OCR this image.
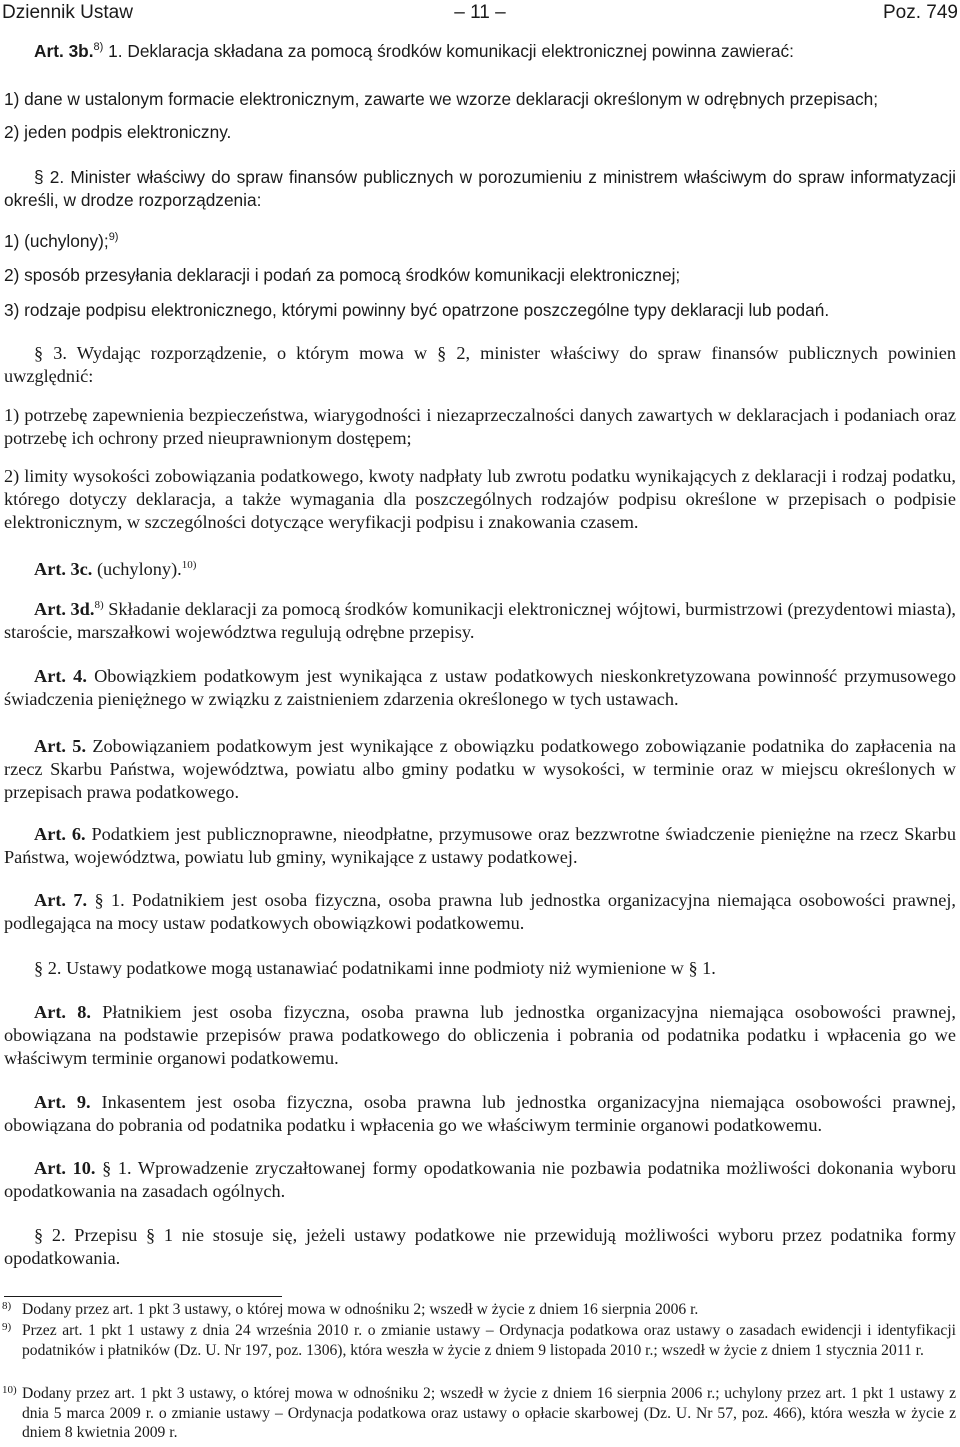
Dziennik Ustaw	– 11 –	Poz. 749
Art. 3b.$^{8)}$ 1. Deklaracja składana za pomocą środków komunikacji elektronicznej powinna zawierać:
1) dane w ustalonym formacie elektronicznym, zawarte we wzorze deklaracji określonym w odrębnych przepisach;
2) jeden podpis elektroniczny.
§ 2. Minister właściwy do spraw finansów publicznych w porozumieniu z ministrem właściwym do spraw informatyzacji określi, w drodze rozporządzenia:
1) (uchylony);$^{9)}$
2) sposób przesyłania deklaracji i podań za pomocą środków komunikacji elektronicznej;
3) rodzaje podpisu elektronicznego, którymi powinny być opatrzone poszczególne typy deklaracji lub podań.
§ 3. Wydając rozporządzenie, o którym mowa w § 2, minister właściwy do spraw finansów publicznych powinien uwzględnić:
1) potrzebę zapewnienia bezpieczeństwa, wiarygodności i niezaprzeczalności danych zawartych w deklaracjach i podaniach oraz potrzebę ich ochrony przed nieuprawnionym dostępem;
2) limity wysokości zobowiązania podatkowego, kwoty nadpłaty lub zwrotu podatku wynikających z deklaracji i rodzaj podatku, którego dotyczy deklaracja, a także wymagania dla poszczególnych rodzajów podpisu określone w przepisach o podpisie elektronicznym, w szczególności dotyczące weryfikacji podpisu i znakowania czasem.
Art. 3c. (uchylony).$^{10)}$
Art. 3d.$^{8)}$ Składanie deklaracji za pomocą środków komunikacji elektronicznej wójtowi, burmistrzowi (prezydentowi miasta), staroście, marszałkowi województwa regulują odrębne przepisy.
Art. 4. Obowiązkiem podatkowym jest wynikająca z ustaw podatkowych nieskonkretyzowana powinność przymusowego świadczenia pieniężnego w związku z zaistnieniem zdarzenia określonego w tych ustawach.
Art. 5. Zobowiązaniem podatkowym jest wynikające z obowiązku podatkowego zobowiązanie podatnika do zapłacenia na rzecz Skarbu Państwa, województwa, powiatu albo gminy podatku w wysokości, w terminie oraz w miejscu określonych w przepisach prawa podatkowego.
Art. 6. Podatkiem jest publicznoprawne, nieodpłatne, przymusowe oraz bezzwrotne świadczenie pieniężne na rzecz Skarbu Państwa, województwa, powiatu lub gminy, wynikające z ustawy podatkowej.
Art. 7. § 1. Podatnikiem jest osoba fizyczna, osoba prawna lub jednostka organizacyjna niemająca osobowości prawnej, podlegająca na mocy ustaw podatkowych obowiązkowi podatkowemu.
§ 2. Ustawy podatkowe mogą ustanawiać podatnikami inne podmioty niż wymienione w § 1.
Art. 8. Płatnikiem jest osoba fizyczna, osoba prawna lub jednostka organizacyjna niemająca osobowości prawnej, obowiązana na podstawie przepisów prawa podatkowego do obliczenia i pobrania od podatnika podatku i wpłacenia go we właściwym terminie organowi podatkowemu.
Art. 9. Inkasentem jest osoba fizyczna, osoba prawna lub jednostka organizacyjna niemająca osobowości prawnej, obowiązana do pobrania od podatnika podatku i wpłacenia go we właściwym terminie organowi podatkowemu.
Art. 10. § 1. Wprowadzenie zryczałtowanej formy opodatkowania nie pozbawia podatnika możliwości dokonania wyboru opodatkowania na zasadach ogólnych.
§ 2. Przepisu § 1 nie stosuje się, jeżeli ustawy podatkowe nie przewidują możliwości wyboru przez podatnika formy opodatkowania.
8) Dodany przez art. 1 pkt 3 ustawy, o której mowa w odnośniku 2; wszedł w życie z dniem 16 sierpnia 2006 r.
9) Przez art. 1 pkt 1 ustawy z dnia 24 września 2010 r. o zmianie ustawy – Ordynacja podatkowa oraz ustawy o zasadach ewidencji i identyfikacji podatników i płatników (Dz. U. Nr 197, poz. 1306), która weszła w życie z dniem 9 listopada 2010 r.; wszedł w życie z dniem 1 stycznia 2011 r.
10) Dodany przez art. 1 pkt 3 ustawy, o której mowa w odnośniku 2; wszedł w życie z dniem 16 sierpnia 2006 r.; uchylony przez art. 1 pkt 1 ustawy z dnia 5 marca 2009 r. o zmianie ustawy – Ordynacja podatkowa oraz ustawy o opłacie skarbowej (Dz. U. Nr 57, poz. 466), która weszła w życie z dniem 8 kwietnia 2009 r.
